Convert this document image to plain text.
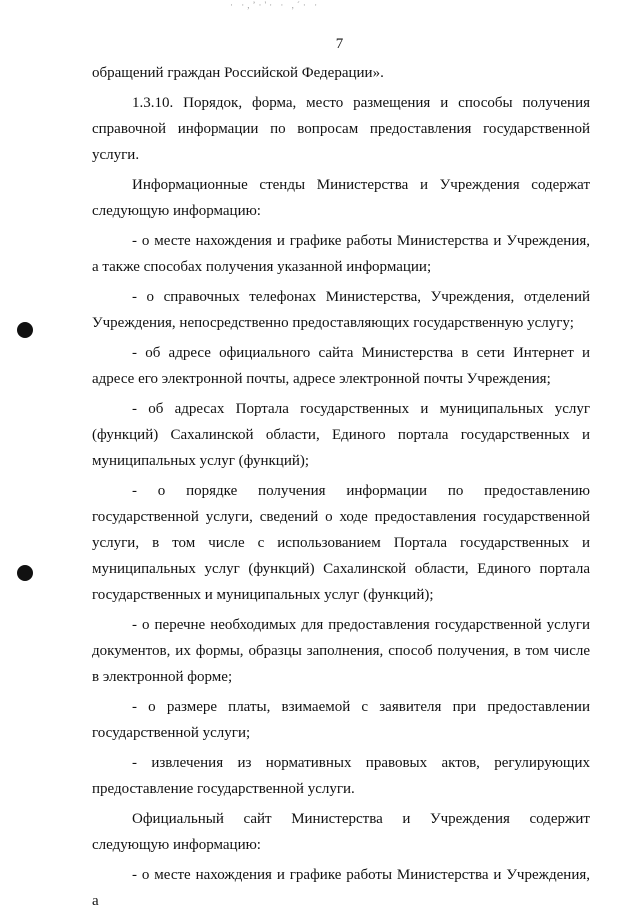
· ·,’·'· · ,´· ·
7

обращений граждан Российской Федерации».

1.3.10. Порядок, форма, место размещения и способы получения справочной информации по вопросам предоставления государственной услуги.

Информационные стенды Министерства и Учреждения содержат следующую информацию:

- о месте нахождения и графике работы Министерства и Учреждения, а также способах получения указанной информации;

- о справочных телефонах Министерства, Учреждения, отделений Учреждения, непосредственно предоставляющих государственную услугу;

- об адресе официального сайта Министерства в сети Интернет и адресе его электронной почты, адресе электронной почты Учреждения;

- об адресах Портала государственных и муниципальных услуг (функций) Сахалинской области, Единого портала государственных и муниципальных услуг (функций);

- о порядке получения информации по предоставлению государственной услуги, сведений о ходе предоставления государственной услуги, в том числе с использованием Портала государственных и муниципальных услуг (функций) Сахалинской области, Единого портала государственных и муниципальных услуг (функций);

- о перечне необходимых для предоставления государственной услуги документов, их формы, образцы заполнения, способ получения, в том числе в электронной форме;

- о размере платы, взимаемой с заявителя при предоставлении государственной услуги;

- извлечения из нормативных правовых актов, регулирующих предоставление государственной услуги.

Официальный сайт Министерства и Учреждения содержит следующую информацию:

- о месте нахождения и графике работы Министерства и Учреждения, а
